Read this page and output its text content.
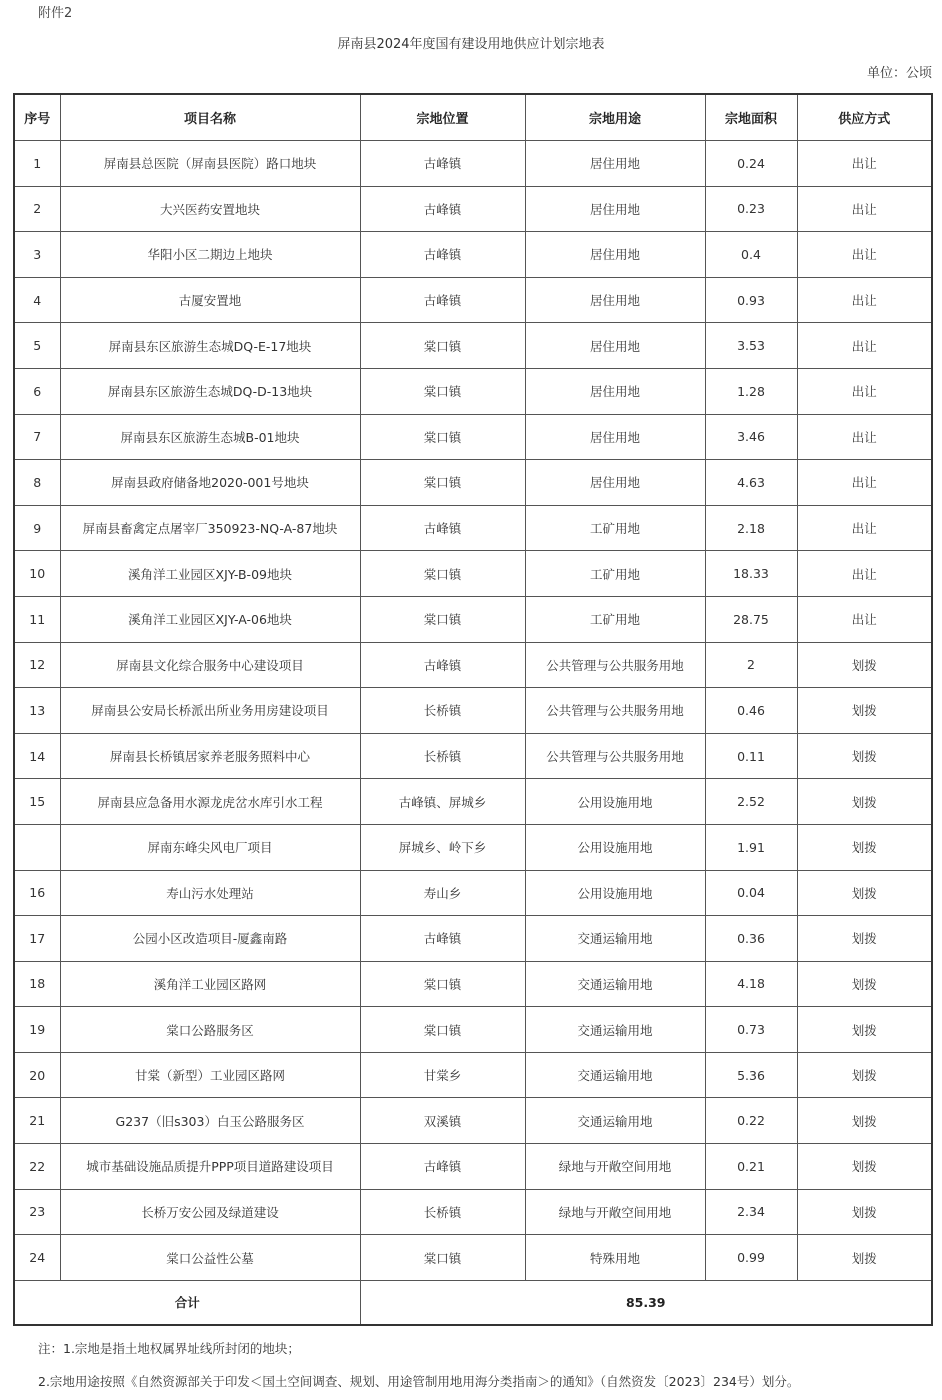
附件2
屏南县2024年度国有建设用地供应计划宗地表
单位：公顷
序号	项目名称	宗地位置	宗地用途	宗地面积	供应方式
1	屏南县总医院（屏南县医院）路口地块	古峰镇	居住用地	0.24	出让
2	大兴医药安置地块	古峰镇	居住用地	0.23	出让
3	华阳小区二期边上地块	古峰镇	居住用地	0.4	出让
4	古厦安置地	古峰镇	居住用地	0.93	出让
5	屏南县东区旅游生态城DQ-E-17地块	棠口镇	居住用地	3.53	出让
6	屏南县东区旅游生态城DQ-D-13地块	棠口镇	居住用地	1.28	出让
7	屏南县东区旅游生态城B-01地块	棠口镇	居住用地	3.46	出让
8	屏南县政府储备地2020-001号地块	棠口镇	居住用地	4.63	出让
9	屏南县畜禽定点屠宰厂350923-NQ-A-87地块	古峰镇	工矿用地	2.18	出让
10	溪角洋工业园区XJY-B-09地块	棠口镇	工矿用地	18.33	出让
11	溪角洋工业园区XJY-A-06地块	棠口镇	工矿用地	28.75	出让
12	屏南县文化综合服务中心建设项目	古峰镇	公共管理与公共服务用地	2	划拨
13	屏南县公安局长桥派出所业务用房建设项目	长桥镇	公共管理与公共服务用地	0.46	划拨
14	屏南县长桥镇居家养老服务照料中心	长桥镇	公共管理与公共服务用地	0.11	划拨
15	屏南县应急备用水源龙虎岔水库引水工程	古峰镇、屏城乡	公用设施用地	2.52	划拨
	屏南东峰尖风电厂项目	屏城乡、岭下乡	公用设施用地	1.91	划拨
16	寿山污水处理站	寿山乡	公用设施用地	0.04	划拨
17	公园小区改造项目-厦鑫南路	古峰镇	交通运输用地	0.36	划拨
18	溪角洋工业园区路网	棠口镇	交通运输用地	4.18	划拨
19	棠口公路服务区	棠口镇	交通运输用地	0.73	划拨
20	甘棠（新型）工业园区路网	甘棠乡	交通运输用地	5.36	划拨
21	G237（旧s303）白玉公路服务区	双溪镇	交通运输用地	0.22	划拨
22	城市基础设施品质提升PPP项目道路建设项目	古峰镇	绿地与开敞空间用地	0.21	划拨
23	长桥万安公园及绿道建设	长桥镇	绿地与开敞空间用地	2.34	划拨
24	棠口公益性公墓	棠口镇	特殊用地	0.99	划拨
合计		85.39			
注：1.宗地是指土地权属界址线所封闭的地块；
2.宗地用途按照《自然资源部关于印发＜国土空间调查、规划、用途管制用地用海分类指南＞的通知》（自然资发〔2023〕234号）划分。
